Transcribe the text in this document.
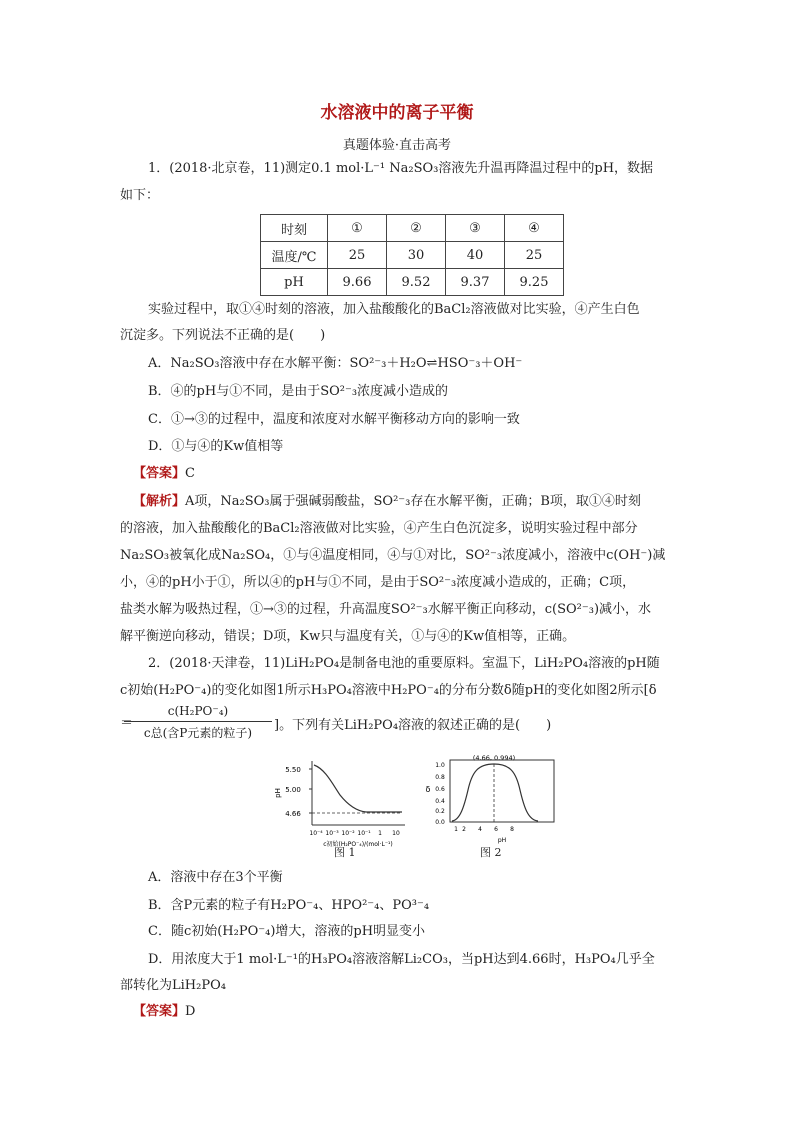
水溶液中的离子平衡
真题体验·直击高考
1．(2018·北京卷，11)测定0.1 mol·L⁻¹ Na₂SO₃溶液先升温再降温过程中的pH，数据
如下：
时刻	①	②	③	④
温度/℃	25	30	40	25
pH	9.66	9.52	9.37	9.25
实验过程中，取①④时刻的溶液，加入盐酸酸化的BaCl₂溶液做对比实验，④产生白色
沉淀多。下列说法不正确的是(　　)
A．Na₂SO₃溶液中存在水解平衡：SO²⁻₃＋H₂O⇌HSO⁻₃＋OH⁻
B．④的pH与①不同，是由于SO²⁻₃浓度减小造成的
C．①→③的过程中，温度和浓度对水解平衡移动方向的影响一致
D．①与④的Kw值相等
【答案】C
【解析】A项，Na₂SO₃属于强碱弱酸盐，SO²⁻₃存在水解平衡，正确；B项，取①④时刻
的溶液，加入盐酸酸化的BaCl₂溶液做对比实验，④产生白色沉淀多，说明实验过程中部分
Na₂SO₃被氧化成Na₂SO₄，①与④温度相同，④与①对比，SO²⁻₃浓度减小，溶液中c(OH⁻)减
小，④的pH小于①，所以④的pH与①不同，是由于SO²⁻₃浓度减小造成的，正确；C项，
盐类水解为吸热过程，①→③的过程，升高温度SO²⁻₃水解平衡正向移动，c(SO²⁻₃)减小，水
解平衡逆向移动，错误；D项，Kw只与温度有关，①与④的Kw值相等，正确。
2．(2018·天津卷，11)LiH₂PO₄是制备电池的重要原料。室温下，LiH₂PO₄溶液的pH随
c初始(H₂PO⁻₄)的变化如图1所示H₃PO₄溶液中H₂PO⁻₄的分布分数δ随pH的变化如图2所示[δ
＝
c(H₂PO⁻₄)
c总(含P元素的粒子)	]。下列有关LiH₂PO₄溶液的叙述正确的是(　　)
5.50
5.00
4.66
pH
10⁻⁴ 10⁻³ 10⁻² 10⁻¹ 1 10
c初始(H₂PO⁻₄)/(mol·L⁻¹)
图 1
(4.66, 0.994)
1.0
0.8
0.6
0.4
0.2
0.0
δ
1 2 4 6 8
pH
图 2
A．溶液中存在3个平衡
B．含P元素的粒子有H₂PO⁻₄、HPO²⁻₄、PO³⁻₄
C．随c初始(H₂PO⁻₄)增大，溶液的pH明显变小
D．用浓度大于1 mol·L⁻¹的H₃PO₄溶液溶解Li₂CO₃，当pH达到4.66时，H₃PO₄几乎全
部转化为LiH₂PO₄
【答案】D
